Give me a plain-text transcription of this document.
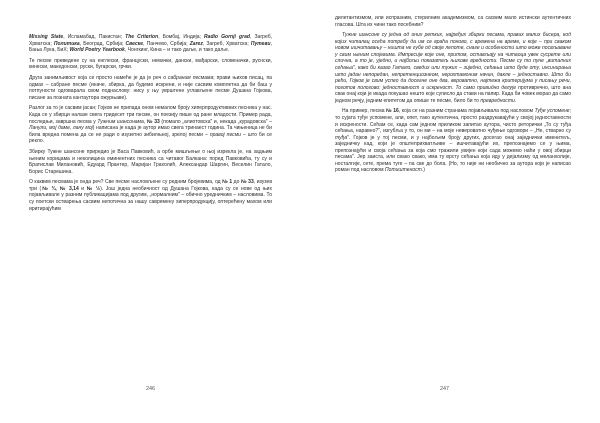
Missing State, Исламабад, Пакистан; The Criterion, Бомбај, Индија; Radio Gornji grad, Загреб, Хрватска; Политика, Београд, Србија; Свеске, Панчево, Србија; Zarez, Загреб, Хрватска; Путеви, Бања Лука, БиХ; World Poetry Yearbook, Чонгкинг, Кина – и тако даље, и тако даље.

Те песме преведене су на енглески, француски, немачки, дански, мађарски, словеначки, руснски, кинески, македонски, руски, бугарски, грчки.

Друга занимљивост која се просто намеће је да је реч о сабраним песмама; прави њихов писац, па одмах – сабране песме (иначе, збирка, да будемо искрени, и није сасвим комплетна да би баш у потпуности одговарала свом поднаслову: нису у њу уврштене углављене песме Душана Гојкова, писане за позната кантаутора ожурњаве).

Разлог за то је сасвим јасан; Гојков не припада оном немалом броју хиперпродуктивних песника у нас. Када се у збирци налазе свега тридесет три песме, он поезију пише од ране младости. Пример рада, последњи, завршна песма у Тужним шансонама, № 33 (помало „алиотовска" и, некада „курадовска" – Ланули, мој даме, лану мој) написана је када је аутор имао свега тринаест година. Та чињеница не би била вредна помена да се не ради о изузетно зибилњној, зрелој песми – правој песми – што би се рекло.

Збирку Тужне шансоне приредио је Васа Павковић, а орбе мишљење о њој изрекла је, на задњим њеним корицама и неколицина еминентних песника са читавог Балкана: поред Павковића, ту су и Братислав Милановић, Едуард Прантер, Маријан Грахолић, Александар Шаргин, Веселин Гатало, Борис Старешина.

О каквим песмама је онда реч? Све песме насловљене су редним бројевима, од № 1 до № 33, изузев три (№ ¾, № 3,14 и № ½). Још једна необичност од Душана Гојкова, када су се нове од њих појављивале у разним публикацијама под другим, „нормалним" – обично уредничким – насловима. То су поетски остварења сасвим непотична за нашу савремену хиперпродукцију, оптерећену махом или иритирајућим

246

дилетантизмом, или испразним, стерилним академизмом, са сасвим мало истински аутентичних гласова. Шта их чини тако посебним?

Тужне шансоне су једна од оних ретких, најређих збирки песама, правих малих бисера, код којих читалац осећа потребу да им се враћа поново, с времена на време, и које – при сваком новом ишчитавању – ништа не губе од своје лепоте, снаге и особености што може посвљаване у свим њеним слојевима. Импресије које оне, притом, остављају на читаоца увек сусрете или слична, а то је, уједно, и најбољи показатељ њихове вредности. Песме су то пуне „виталних сећања", како би казао Гатало, сведих или тужих – зиједно, сећања што буде оту, инсинирања што јадан непоредан, непретенциознеом, нерохтамоним начин, дакле – једноставно. Што би рећи, Гојков је свим успео да досегне оне два, вероватно, најтежа критеријума у писању речи, поготов пологово: једноставност и искреност. То само привидно делује противречно, што ана свак онај који је икада покушао нешто које суписло да стави на папир. Када би човек морао да само једном речју, једним епитетом да опише те песме, било би то превредности.

На пример, песма № 16, која се на разним странама појављивала под насловом Туђе успомене; то сујата туђе успомене, али, опет, тако аутентична, просто раздрукавајући у својој једноставности и искрености. Сећам се, када сам једном приликом запитао аутора, чисто реторички „То су туђа сећања, наравно?", изгубља у то, он ми – на моје невероватно чуђење одговори – „Не, стварно су туђа". Гојков је у тој песми, и у најбољем броју других, досегао онај заједнички именитељ, заједничку кад, који је општеприхватљиве – ишчитавајући их, препознајемо се у њима, препознајући и своја сећања за која смо тражили увијен који сада можемо наћи у овој збирци песама". Јер заиста, или свако свако, има ту врсту сећања која иду у дејализму од меланхолије, носталгије, сете, према туге – па све до бола. (Но, то није ни необично за аутора који је написао роман под насловом Потиштеност.)

247
